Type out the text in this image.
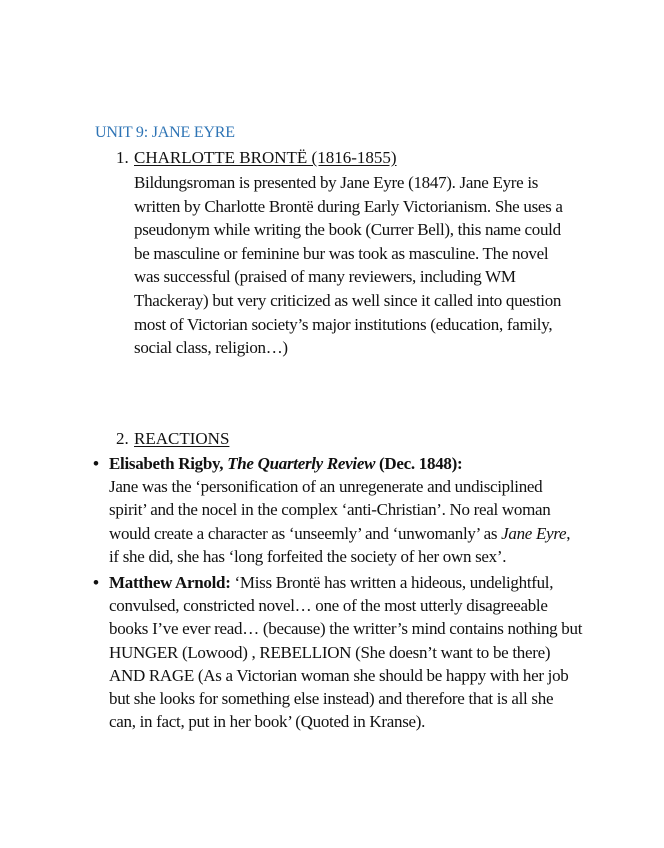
UNIT 9: JANE EYRE
1. CHARLOTTE BRONTË (1816-1855)
Bildungsroman is presented by Jane Eyre (1847). Jane Eyre is written by Charlotte Brontë during Early Victorianism. She uses a pseudonym while writing the book (Currer Bell), this name could be masculine or feminine bur was took as masculine. The novel was successful (praised of many reviewers, including WM Thackeray) but very criticized as well since it called into question most of Victorian society’s major institutions (education, family, social class, religion…)
2. REACTIONS
• Elisabeth Rigby, The Quarterly Review (Dec. 1848):
Jane was the ‘personification of an unregenerate and undisciplined spirit’ and the nocel in the complex ‘anti-Christian’. No real woman would create a character as ‘unseemly’ and ‘unwomanly’ as Jane Eyre, if she did, she has ‘long forfeited the society of her own sex’.
• Matthew Arnold: ‘Miss Brontë has written a hideous, undelightful, convulsed, constricted novel… one of the most utterly disagreeable books I’ve ever read… (because) the writter’s mind contains nothing but HUNGER (Lowood) , REBELLION (She doesn’t want to be there) AND RAGE (As a Victorian woman she should be happy with her job but she looks for something else instead) and therefore that is all she can, in fact, put in her book’ (Quoted in Kranse).
